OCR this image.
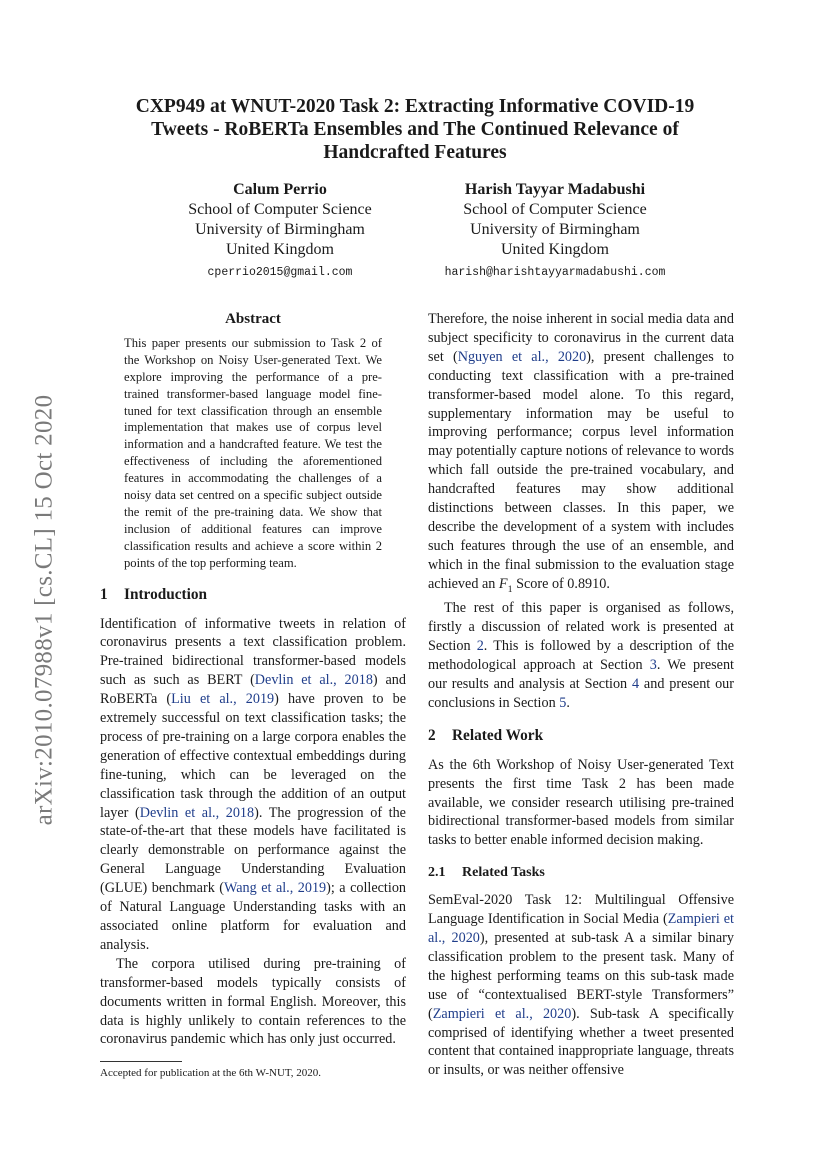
arXiv:2010.07988v1 [cs.CL] 15 Oct 2020
CXP949 at WNUT-2020 Task 2: Extracting Informative COVID-19
Tweets - RoBERTa Ensembles and The Continued Relevance of
Handcrafted Features
Calum Perrio
School of Computer Science
University of Birmingham
United Kingdom
cperrio2015@gmail.com
Harish Tayyar Madabushi
School of Computer Science
University of Birmingham
United Kingdom
harish@harishtayyarmadabushi.com
Abstract

This paper presents our submission to Task 2 of the Workshop on Noisy User-generated Text. We explore improving the performance of a pre-trained transformer-based language model fine-tuned for text classification through an ensemble implementation that makes use of corpus level information and a handcrafted feature. We test the effectiveness of including the aforementioned features in accommodating the challenges of a noisy data set centred on a specific subject outside the remit of the pre-training data. We show that inclusion of additional features can improve classification results and achieve a score within 2 points of the top performing team.

1 Introduction

Identification of informative tweets in relation of coronavirus presents a text classification problem. Pre-trained bidirectional transformer-based models such as such as BERT (Devlin et al., 2018) and RoBERTa (Liu et al., 2019) have proven to be extremely successful on text classification tasks; the process of pre-training on a large corpora enables the generation of effective contextual embeddings during fine-tuning, which can be leveraged on the classification task through the addition of an output layer (Devlin et al., 2018). The progression of the state-of-the-art that these models have facilitated is clearly demonstrable on performance against the General Language Understanding Evaluation (GLUE) benchmark (Wang et al., 2019); a collection of Natural Language Understanding tasks with an associated online platform for evaluation and analysis.

The corpora utilised during pre-training of transformer-based models typically consists of documents written in formal English. Moreover, this data is highly unlikely to contain references to the coronavirus pandemic which has only just occurred.

Accepted for publication at the 6th W-NUT, 2020.

Therefore, the noise inherent in social media data and subject specificity to coronavirus in the current data set (Nguyen et al., 2020), present challenges to conducting text classification with a pre-trained transformer-based model alone. To this regard, supplementary information may be useful to improving performance; corpus level information may potentially capture notions of relevance to words which fall outside the pre-trained vocabulary, and handcrafted features may show additional distinctions between classes. In this paper, we describe the development of a system with includes such features through the use of an ensemble, and which in the final submission to the evaluation stage achieved an $F_1$ Score of 0.8910.

The rest of this paper is organised as follows, firstly a discussion of related work is presented at Section 2. This is followed by a description of the methodological approach at Section 3. We present our results and analysis at Section 4 and present our conclusions in Section 5.

2 Related Work

As the 6th Workshop of Noisy User-generated Text presents the first time Task 2 has been made available, we consider research utilising pre-trained bidirectional transformer-based models from similar tasks to better enable informed decision making.

2.1 Related Tasks

SemEval-2020 Task 12: Multilingual Offensive Language Identification in Social Media (Zampieri et al., 2020), presented at sub-task A a similar binary classification problem to the present task. Many of the highest performing teams on this sub-task made use of “contextualised BERT-style Transformers” (Zampieri et al., 2020). Sub-task A specifically comprised of identifying whether a tweet presented content that contained inappropriate language, threats or insults, or was neither offensive
